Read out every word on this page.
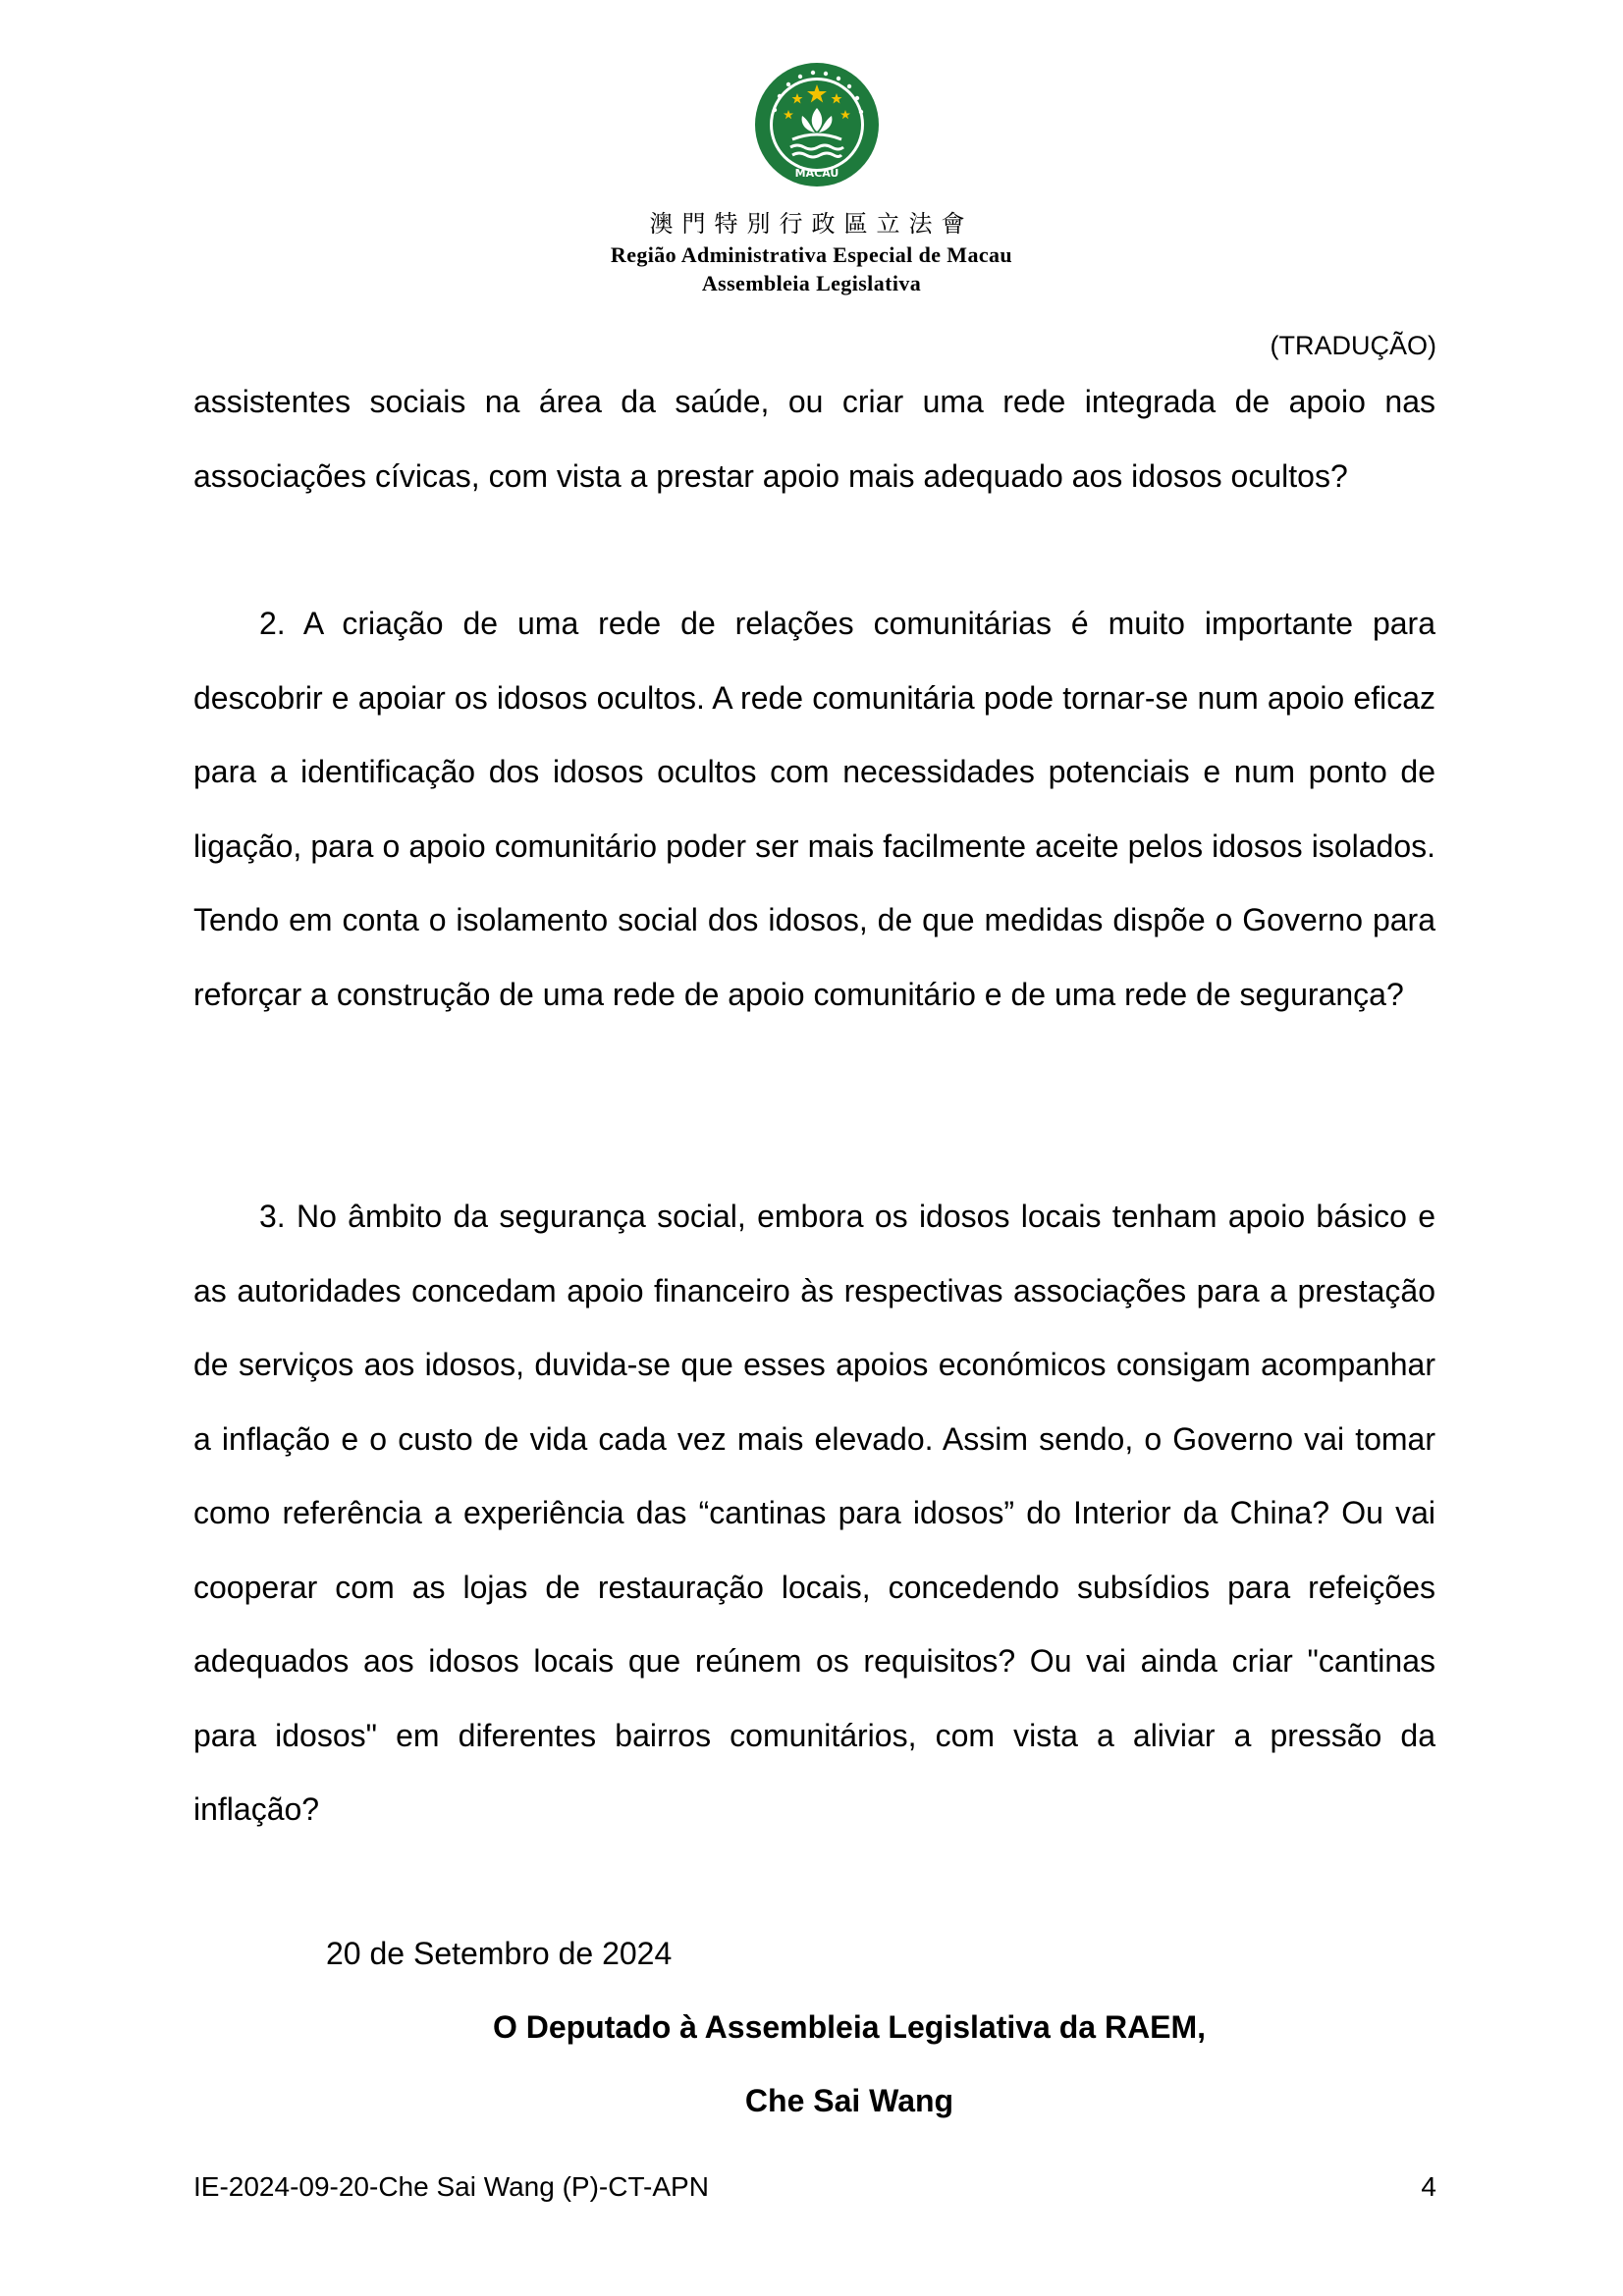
MACAU
澳門特別行政區立法會
Região Administrativa Especial de Macau
Assembleia Legislativa
(TRADUÇÃO)
assistentes sociais na área da saúde, ou criar uma rede integrada de apoio nas associações cívicas, com vista a prestar apoio mais adequado aos idosos ocultos?
2. A criação de uma rede de relações comunitárias é muito importante para descobrir e apoiar os idosos ocultos. A rede comunitária pode tornar-se num apoio eficaz para a identificação dos idosos ocultos com necessidades potenciais e num ponto de ligação, para o apoio comunitário poder ser mais facilmente aceite pelos idosos isolados. Tendo em conta o isolamento social dos idosos, de que medidas dispõe o Governo para reforçar a construção de uma rede de apoio comunitário e de uma rede de segurança?
3. No âmbito da segurança social, embora os idosos locais tenham apoio básico e as autoridades concedam apoio financeiro às respectivas associações para a prestação de serviços aos idosos, duvida-se que esses apoios económicos consigam acompanhar a inflação e o custo de vida cada vez mais elevado. Assim sendo, o Governo vai tomar como referência a experiência das “cantinas para idosos” do Interior da China? Ou vai cooperar com as lojas de restauração locais, concedendo subsídios para refeições adequados aos idosos locais que reúnem os requisitos? Ou vai ainda criar "cantinas para idosos" em diferentes bairros comunitários, com vista a aliviar a pressão da inflação?
20 de Setembro de 2024
O Deputado à Assembleia Legislativa da RAEM,
Che Sai Wang
IE-2024-09-20-Che Sai Wang (P)-CT-APN	4
